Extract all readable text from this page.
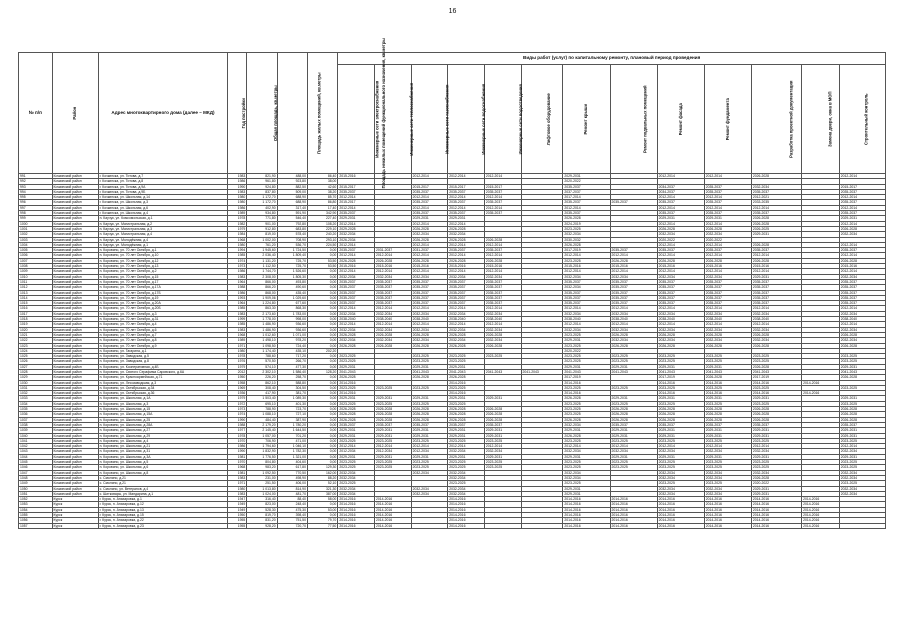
16
№ п/п	Район	Адрес многоквартирного дома (далее – МКД)	Год постройки	Общая площадь, кв.метры	Площадь жилых помещений, кв.метры	Площадь нежилых помещений функционального назначения, кв.метры	Виды работ (услуг) по капитальному ремонту, плановый период проведения												
							Инженерные сети электроснабжения	Инженерные сети теплоснабжения	Инженерные сети газоснабжения	Инженерные сети водоснабжения	Инженерные сети водоотведения	Лифтовое оборудование	Ремонт крыши	Ремонт подвальных помещений	Ремонт фасада	Ремонт фундамента	Разработка проектной документации	Замена двери, окна в МОП	Строительный контроль
991	Кочкинский район	г. Кочкинска, ул. Титова, д.7	1983	821,90	488,00	86,40	2015-2016		2012-2014	2012-2014	2012-2014		2029-2031		2012-2014	2012-2014	2026-2028		2012-2014
992	Кочкинский район	г. Кочкинска, ул. Титова, д.8	1986	961,80	923,80	38,00							2020-2022						
993	Кочкинский район	г. Кочкинска, ул. Титова, д.9А	1990	924,80	882,50	42,60	2015-2017		2015-2017	2015-2017	2015-2017		2035-2037		2034-2037	2035-2037	2032-2034		2015-2017
994	Кочкинский район	г. Кочкинска, ул. Титова, д.9Б	1983	837,80	509,00	38,20	2035-2037		2035-2037	2035-2037	2035-2037		2037-2037		2034-2037	2035-2037	2035-2037		2035-2037
995	Кочкинский район	г. Кочкинска, ул. Школьная, д.14	1980	1 172,70	688,90	85,70	2012-2014		2012-2014	2012-2014	2012-2014		2017-2014		2012-2014	2012-2014	2012-2021		2012-2014
996	Кочкинский район	г. Кочкинска, ул. Школьная, д.3	1980	1 172,70	688,90	86,80	2015-2017		2035-2037	2035-2037	2035-2037		2035-2037	2035-2037	2035-2037	2035-2037	2033-2035		2035-2037
997	Кочкинский район	г. Кочкинска, ул. Школьная, д.6	1986	402,90	317,40	17,40	2012-2014		2012-2014	2012-2014	2012-2014		2012-2014		2012-2014	2012-2014	2012-2014		2012-2014
998	Кочкинский район	г. Кочкинска, ул. Школьная, д.4	1989	934,80	591,90	342,90	2035-2037		2035-2037	2035-2037	2035-2037		2035-2037		2035-2037	2035-2037	2035-2037		2035-2037
999	Кочкинский район	п. Каучук, ул. Комсомольская, д.1	1978	771,80	546,40	227,40	2029-2031		2029-2031	2029-2031			2026-2028		2029-2031	2029-2031	2026-2028		2029-2031
1000	Кочкинский район	п. Каучук, ул. Магистральная, д.2	1982	901,00	792,80	108,20	2012-2014		2012-2014	2012-2014			2024-2019		2012-2014	2012-2014	2026-2028		2012-2014
1001	Кочкинский район	п. Каучук, ул. Магистральная, д.3	1979	912,80	683,80	229,10	2029-2028		2026-2028	2026-2028			2023-2025		2026-2028	2026-2028	2026-2025		2026-2028
1002	Кочкинский район	п. Каучук, ул. Магистральная, д.4	1984	819,00	578,40	240,20	2032-2034		2032-2034	2032-2034			2032-2034		2032-2034	2032-2034	2029-2031		2032-2034
1003	Кочкинский район	п. Каучук, ул. Молодёжная, д.4	1968	1 002,00	708,90	293,10	2026-2034		2026-2028	2026-2028	2026-2028		2030-2032		2020-2022	2020-2022			
1004	Кочкинский район	п. Каучук, ул. Молодёжная, д.1	1980	761,20	536,70	224,50	2012-2014		2012-2014	2012-2014	2012-2014		2026-2028		2012-2014	2012-2014	2026-2028		2012-2014
1005	Кочкинский район	п. Коровино, ул. 70 лет Октября, д.1	1994	1 945,60	1 724,50	0,00	2035-2037	2031-2037	2031-2037	2035-2037	2035-2037		2017-2019	2035-2037	2035-2037	2035-2037	2035-2037		2035-2037
1006	Кочкинский район	п. Коровино, ул. 70 лет Октября, д.10	1985	2 036,40	1 809,40	0,00	2012-2014	2012-2014	2012-2014	2012-2014	2012-2014		2012-2014	2012-2014	2012-2014	2012-2014	2012-2014		2012-2014
1007	Кочкинский район	п. Коровино, ул. 70 лет Октября, д.12	1974	1 131,20	725,70	53,50	2026-2028	2026-2028	2026-2028	2026-2028	2026-2028		2023-2025	2026-2028	2026-2028	2026-2028	2026-2028		2026-2028
1008	Кочкинский район	п. Коровино, ул. 70 лет Октября, д.13	1973	1 112,50	725,70	53,50	2015-2016	2015-2016	2015-2016	2015-2016	2015-2016		2015-2016	2015-2016	2015-2016	2015-2016	2015-2016		2015-2016
1009	Кочкинский район	п. Коровино, ул. 70 лет Октября, д.2	1986	1 744,70	1 526,60	0,00	2012-2014	2012-2014	2012-2014	2012-2014	2012-2014		2012-2014	2012-2014	2012-2014	2012-2014	2012-2014		2012-2014
1010	Кочкинский район	п. Коровино, ул. 70 лет Октября, д.15	1983	2 308,00	1 805,30	0,00	2032-2034	2032-2034	2032-2034	2032-2034	2032-2034		2032-2034	2032-2034	2032-2034	2032-2034	2029-2031		2032-2034
1011	Кочкинский район	п. Коровино, ул. 70 лет Октября, д.17	1964	866,00	493,80	0,00	2035-2037	2035-2037	2035-2037	2035-2037	2035-2037		2035-2037	2035-2037	2035-2037	2035-2037	2035-2037		2035-2037
1012	Кочкинский район	п. Коровино, ул. 70 лет Октября, д.17А	1988	866,20	490,60	0,00	2035-2037	2035-2037	2035-2037	2035-2037	2035-2037		2032-2034	2035-2037	2035-2037	2035-2037	2035-2037		2035-2037
1013	Кочкинский район	п. Коровино, ул. 70 лет Октября, д.17Б	1986	868,00	435,40	0,00	2035-2037	2035-2037	2035-2037	2035-2037	2035-2037		2035-2037	2035-2037	2035-2037	2035-2037	2035-2037		2035-2037
1014	Кочкинский район	п. Коровино, ул. 70 лет Октября, д.19	1993	1 909,06	1 029,60	0,00	2035-2037	2035-2037	2035-2037	2035-2037	2035-2037		2035-2037	2035-2037	2035-2037	2035-2037	2035-2037		2035-2037
1015	Кочкинский район	п. Коровино, ул. 70 лет Октября, д.20А	1964	1 224,80	677,60	0,00	2035-2037	2035-2037	2035-2037	2035-2037	2035-2037		2035-2037	2035-2037	2035-2037	2035-2037	2035-2037		2035-2037
1016	Кочкинский район	п. Коровино, ул. 70 лет Октября, д.20Б	1985	863,30	868,30	0,00	2012-2014	2012-2014	2012-2014	2012-2014	2012-2014		2012-2014	2012-2014	2012-2014	2012-2014	2012-2014		2012-2014
1017	Кочкинский район	п. Коровино, ул. 70 лет Октября, д.3	1983	2 173,60	1 783,00	0,00	2032-2034	2032-2034	2032-2034	2032-2034	2032-2034		2032-2034	2032-2034	2032-2034	2032-2034	2032-2034		2032-2034
1018	Кочкинский район	п. Коровино, ул. 70 лет Октября, д.31	1999	1 778,00	998,00	0,00	2038-2040	2038-2040	2038-2040	2038-2040	2038-2040		2038-2040	2038-2040	2038-2040	2038-2040	2038-2040		2038-2040
1019	Кочкинский район	п. Коровино, ул. 70 лет Октября, д.4	1985	1 486,90	936,60	0,00	2012-2014	2012-2014	2012-2014	2012-2014	2012-2014		2012-2014	2012-2014	2012-2014	2012-2014	2012-2014		2012-2014
1020	Кочкинский район	п. Коровино, ул. 70 лет Октября, д.6	1983	1 486,90	936,60	0,00	2032-2034	2032-2034	2032-2034	2032-2034	2032-2034		2032-2034	2032-2034	2032-2034	2032-2034	2032-2034		2032-2034
1021	Кочкинский район	п. Коровино, ул. 70 лет Октября, д.7	1968	1 012,60	1 071,00	0,00	2026-2028	2026-2028	2026-2028	2026-2028	2026-2028		2023-2025	2026-2028	2026-2028	2026-2028	2026-2028		2026-2028
1022	Кочкинский район	п. Коровино, ул. 70 лет Октября, д.8	1989	1 498,10	978,20	0,00	2032-2034	2032-2034	2032-2034	2032-2034	2032-2034		2029-2031	2032-2034	2032-2034	2032-2034	2032-2034		2032-2034
1023	Кочкинский район	п. Коровино, ул. 70 лет Октября, д.9	1971	1 098,50	724,40	0,00	2026-2028	2026-2028	2026-2028	2026-2028	2026-2028		2023-2025	2026-2028	2026-2028	2026-2028	2026-2028		2026-2028
1024	Кочкинский район	п. Коровино, ул. Гагарина, д.1	1980	1 174,40	435,10	202,20							2020-2022						
1025	Кочкинский район	п. Коровино, ул. Заводская, д.5	1978	788,60	717,20	0,00	2023-2025		2023-2025	2023-2025	2023-2025		2023-2025	2023-2025	2023-2025	2023-2025	2023-2025		2023-2025
1026	Кочкинский район	п. Коровино, ул. Заводская, д.8	1976	570,50	266,70	0,00	2023-2025		2023-2025	2023-2025			2023-2025	2023-2025	2023-2025	2023-2025	2023-2025		2023-2025
1027	Кочкинский район	п. Коровино, ул. Кооперативная, д.4Б	1979	574,10	477,30	0,00	2029-2031		2029-2031	2029-2031			2029-2031	2029-2031	2029-2031	2029-2031	2026-2028		2029-2031
1028	Кочкинский район	п. Коровино, ул. Святого Серафима Саровского, д.6А	2012	2 302,10	1 586,40	128,20	2041-2043		2041-2043	2041-2043	2041-2043	2041-2043	2041-2043	2041-2043	2041-2043	2041-2043	2041-2043		2041-2043
1029	Кочкинский район	п. Коровино, ул. Красноармейская, д.71	1950	226,20	258,70	0,00	2026-2028		2026-2028	2026-2028			2017-2019		2017-2019	2026-2028	2017-2019		2026-2028
1030	Кочкинский район	п. Коровино, ул. Лесозаводская, д.3	1958	862,10	588,80	0,00	2014-2016			2014-2016			2014-2016		2014-2016	2014-2016	2014-2016	2014-2016	
1031	Кочкинский район	п. Коровино, ул. Октябрьская, д.34	1969	308,40	304,50	0,00	2023-2025	2023-2025	2023-2025	2023-2025			2023-2025	2023-2025	2023-2025	2023-2025	2023-2025		2023-2025
1032	Кочкинский район	п. Коровино, ул. Октябрьская, д.36	1936	417,90	381,70	0,00	2014-2016			2014-2016			2014-2016		2014-2016	2014-2016	2014-2016	2014-2016	
1033	Кочкинский район	п. Коровино, ул. Школьная, д.1А	1979	1 503,40	1 089,30	0,00	2029-2031	2029-2031	2029-2031	2029-2031	2029-2031		2026-2028	2029-2031	2029-2031	2029-2031	2029-2031		2029-2031
1034	Кочкинский район	п. Коровино, ул. Школьная, д.3	1972	695,10	401,30	0,00	2023-2025	2023-2025	2023-2025	2023-2025			2023-2025	2023-2025	2023-2025	2023-2025	2023-2025		2023-2025
1035	Кочкинский район	п. Коровино, ул. Школьная, д.15	1973	788,90	723,70	0,00	2026-2028	2026-2028	2026-2028	2026-2028	2026-2028		2023-2025	2026-2028	2026-2028	2026-2028	2026-2028		2026-2028
1036	Кочкинский район	п. Коровино, ул. Школьная, д.15А	1974	1 088,10	727,10	0,00	2026-2028	2026-2028	2026-2028	2026-2028	2026-2028		2023-2025	2026-2028	2026-2028	2026-2028	2026-2028		2026-2028
1037	Кочкинский район	п. Коровино, ул. Школьная, д.25	1990	484,40	387,90	0,00	2026-2028	2026-2028	2026-2028	2026-2028	2026-2028		2026-2028	2026-2028	2026-2028	2026-2028	2026-2028		2026-2028
1038	Кочкинский район	п. Коровино, ул. Школьная, д.28А	1988	2 179,20	1 780,20	0,00	2035-2037	2035-2037	2035-2037	2035-2037	2035-2037		2032-2034	2035-2037	2035-2037	2035-2037	2035-2037		2035-2037
1039	Кочкинский район	п. Коровино, ул. Школьная, д.27	1977	2 145,40	1 644,50	0,00	2029-2031	2029-2031	2029-2031	2029-2031	2029-2031		2029-2031	2029-2031	2029-2031	2029-2031	2029-2031		2029-2031
1040	Кочкинский район	п. Коровино, ул. Школьная, д.29	1978	1 057,00	701,20	0,00	2029-2031	2029-2031	2029-2031	2029-2031	2029-2031		2026-2028	2029-2031	2029-2031	2029-2031	2029-2031		2029-2031
1041	Кочкинский район	п. Коровино, ул. Школьная, д.4	1970	706,90	471,00	0,00	2023-2025	2023-2025	2023-2025	2023-2025	2023-2025		2023-2025	2023-2025	2023-2025	2023-2025	2023-2025		2023-2025
1042	Кочкинский район	п. Коровино, ул. Школьная, д.21	1986	1 794,60	1 046,10	0,00	2012-2014	2012-2014	2012-2014	2012-2014	2012-2014		2012-2014	2012-2014	2012-2014	2012-2014	2012-2014		2012-2014
1043	Кочкинский район	п. Коровино, ул. Школьная, д.31	1990	1 832,90	1 782,30	0,00	2012-2034	2012-2034	2012-2034	2032-2034	2032-2034		2032-2034	2032-2034	2032-2034	2032-2034	2032-2034		2032-2034
1044	Кочкинский район	п. Коровино, ул. Школьная, д.3А	1981	1 776,50	1 321,00	0,00	2029-2031	2029-2031	2029-2031	2029-2031	2029-2031		2029-2031	2029-2031	2029-2031	2029-2031	2029-2031		2029-2031
1045	Кочкинский район	п. Коровино, ул. Школьная, д.5	1970	804,80	404,60	0,00	2023-2025	2023-2025	2023-2025	2023-2025	2023-2025		2023-2025	2023-2025	2023-2025	2023-2025	2023-2025		2023-2025
1046	Кочкинский район	п. Коровино, ул. Школьная, д.6	1968	983,20	617,80	129,30	2023-2025	2023-2025	2023-2025	2023-2025	2023-2025		2023-2025	2023-2025	2023-2025	2023-2025	2023-2025		2023-2025
1047	Кочкинский район	п. Коровино, ул. Школьная, д.8	1981	1 092,50	770,50	162,00	2032-2034		2032-2034	2032-2034			2032-2034		2032-2034	2032-2034	2032-2034		2032-2034
1048	Кочкинский район	с. Смолино, д.21	1983	231,00	498,90	88,20	2032-2034			2032-2034			2032-2034		2032-2034	2032-2034	2026-2028		2032-2034
1049	Кочкинский район	с. Смолино, д.21	1971	251,50	406,00	52,10	2023-2025			2023-2025			2023-2025		2023-2025	2023-2025	2020-2022		2023-2025
1050	Кочкинский район	с. Смолино, ул. Ветеранов, д.4	1980	1 013,80	814,90	321,30	2032-2034		2032-2034	2032-2034			2029-2031		2032-2034	2032-2034	2029-2031		2032-2034
1051	Кочкинский район	с. Шитковары, ул. Мандарина, д.1	1983	1 024,00	481,70	387,00	2032-2034		2032-2034	2032-2034			2029-2031		2032-2034	2032-2034	2029-2031		2032-2034
1052	Курск	г. Курск, п. Анахаровка, д.1	1947	316,40	88,40	58,00	2014-2016	2014-2016		2014-2016			2014-2016	2014-2016	2014-2016	2014-2016	2014-2016	2014-2016	
1053	Курск	г. Курск, п. Анахаровка, д.12	1949	823,00	248,40	0,00	2014-2016	2014-2016		2014-2016			2014-2016	2014-2016	2014-2016	2014-2016	2014-2016	2014-2016	
1054	Курск	г. Курск, п. Анахаровка, д.13	1949	528,30	475,30	53,00	2014-2016	2014-2016		2014-2016			2014-2016	2014-2016	2014-2016	2014-2016	2014-2016	2014-2016	
1055	Курск	г. Курск, п. Анахаровка, д.15	1950	819,70	398,40	0,00	2014-2016	2014-2016		2014-2016			2014-2016	2014-2016	2014-2016	2014-2016	2014-2016	2014-2016	
1056	Курск	г. Курск, п. Анахаровка, д.22	1955	831,20	751,50	79,70	2014-2016	2014-2016		2014-2016			2014-2016	2014-2016	2014-2016	2014-2016	2014-2016	2014-2016	
1057	Курск	г. Курск, п. Анахаровка, д.23	1955	928,20	720,70	77,50	2014-2016	2014-2016		2014-2016			2014-2016	2014-2016	2014-2016	2014-2016	2014-2016	2014-2016	
